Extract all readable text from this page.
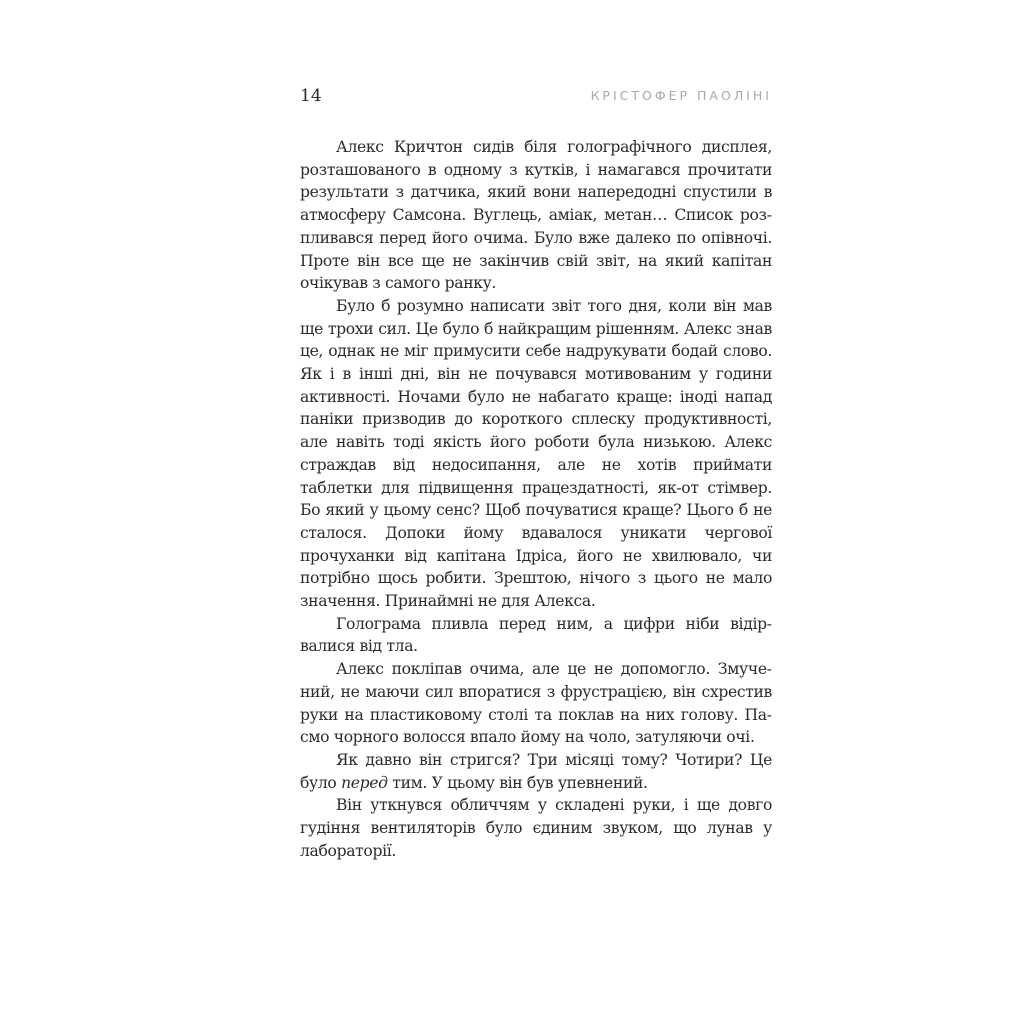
14	КРІСТОФЕР ПАОЛІНІ

Алекс Кричтон сидів біля голографічного дисплея, розташованого в одному з кутків, і намагався прочитати результати з датчика, який вони напередодні спустили в атмосферу Самсона. Вуглець, аміак, метан… Список розпливався перед його очима. Було вже далеко по опівночі. Проте він все ще не закінчив свій звіт, на який капітан очікував з самого ранку.

Було б розумно написати звіт того дня, коли він мав ще трохи сил. Це було б найкращим рішенням. Алекс знав це, однак не міг примусити себе надрукувати бодай слово. Як і в інші дні, він не почувався мотивованим у години активності. Ночами було не набагато краще: іноді напад паніки призводив до короткого сплеску продуктивності, але навіть тоді якість його роботи була низькою. Алекс страждав від недосипання, але не хотів приймати таблетки для підвищення працездатності, як-от стімвер. Бо який у цьому сенс? Щоб почуватися краще? Цього б не сталося. Допоки йому вдавалося уникати чергової прочуханки від капітана Ідріса, його не хвилювало, чи потрібно щось робити. Зрештою, нічого з цього не мало значення. Принаймні не для Алекса.

Голограма пливла перед ним, а цифри ніби відірвалися від тла.

Алекс покліпав очима, але це не допомогло. Змучений, не маючи сил впоратися з фрустрацією, він схрестив руки на пластиковому столі та поклав на них голову. Пасмо чорного волосся впало йому на чоло, затуляючи очі.

Як давно він стригся? Три місяці тому? Чотири? Це було перед тим. У цьому він був упевнений.

Він уткнувся обличчям у складені руки, і ще довго гудіння вентиляторів було єдиним звуком, що лунав у лабораторії.
